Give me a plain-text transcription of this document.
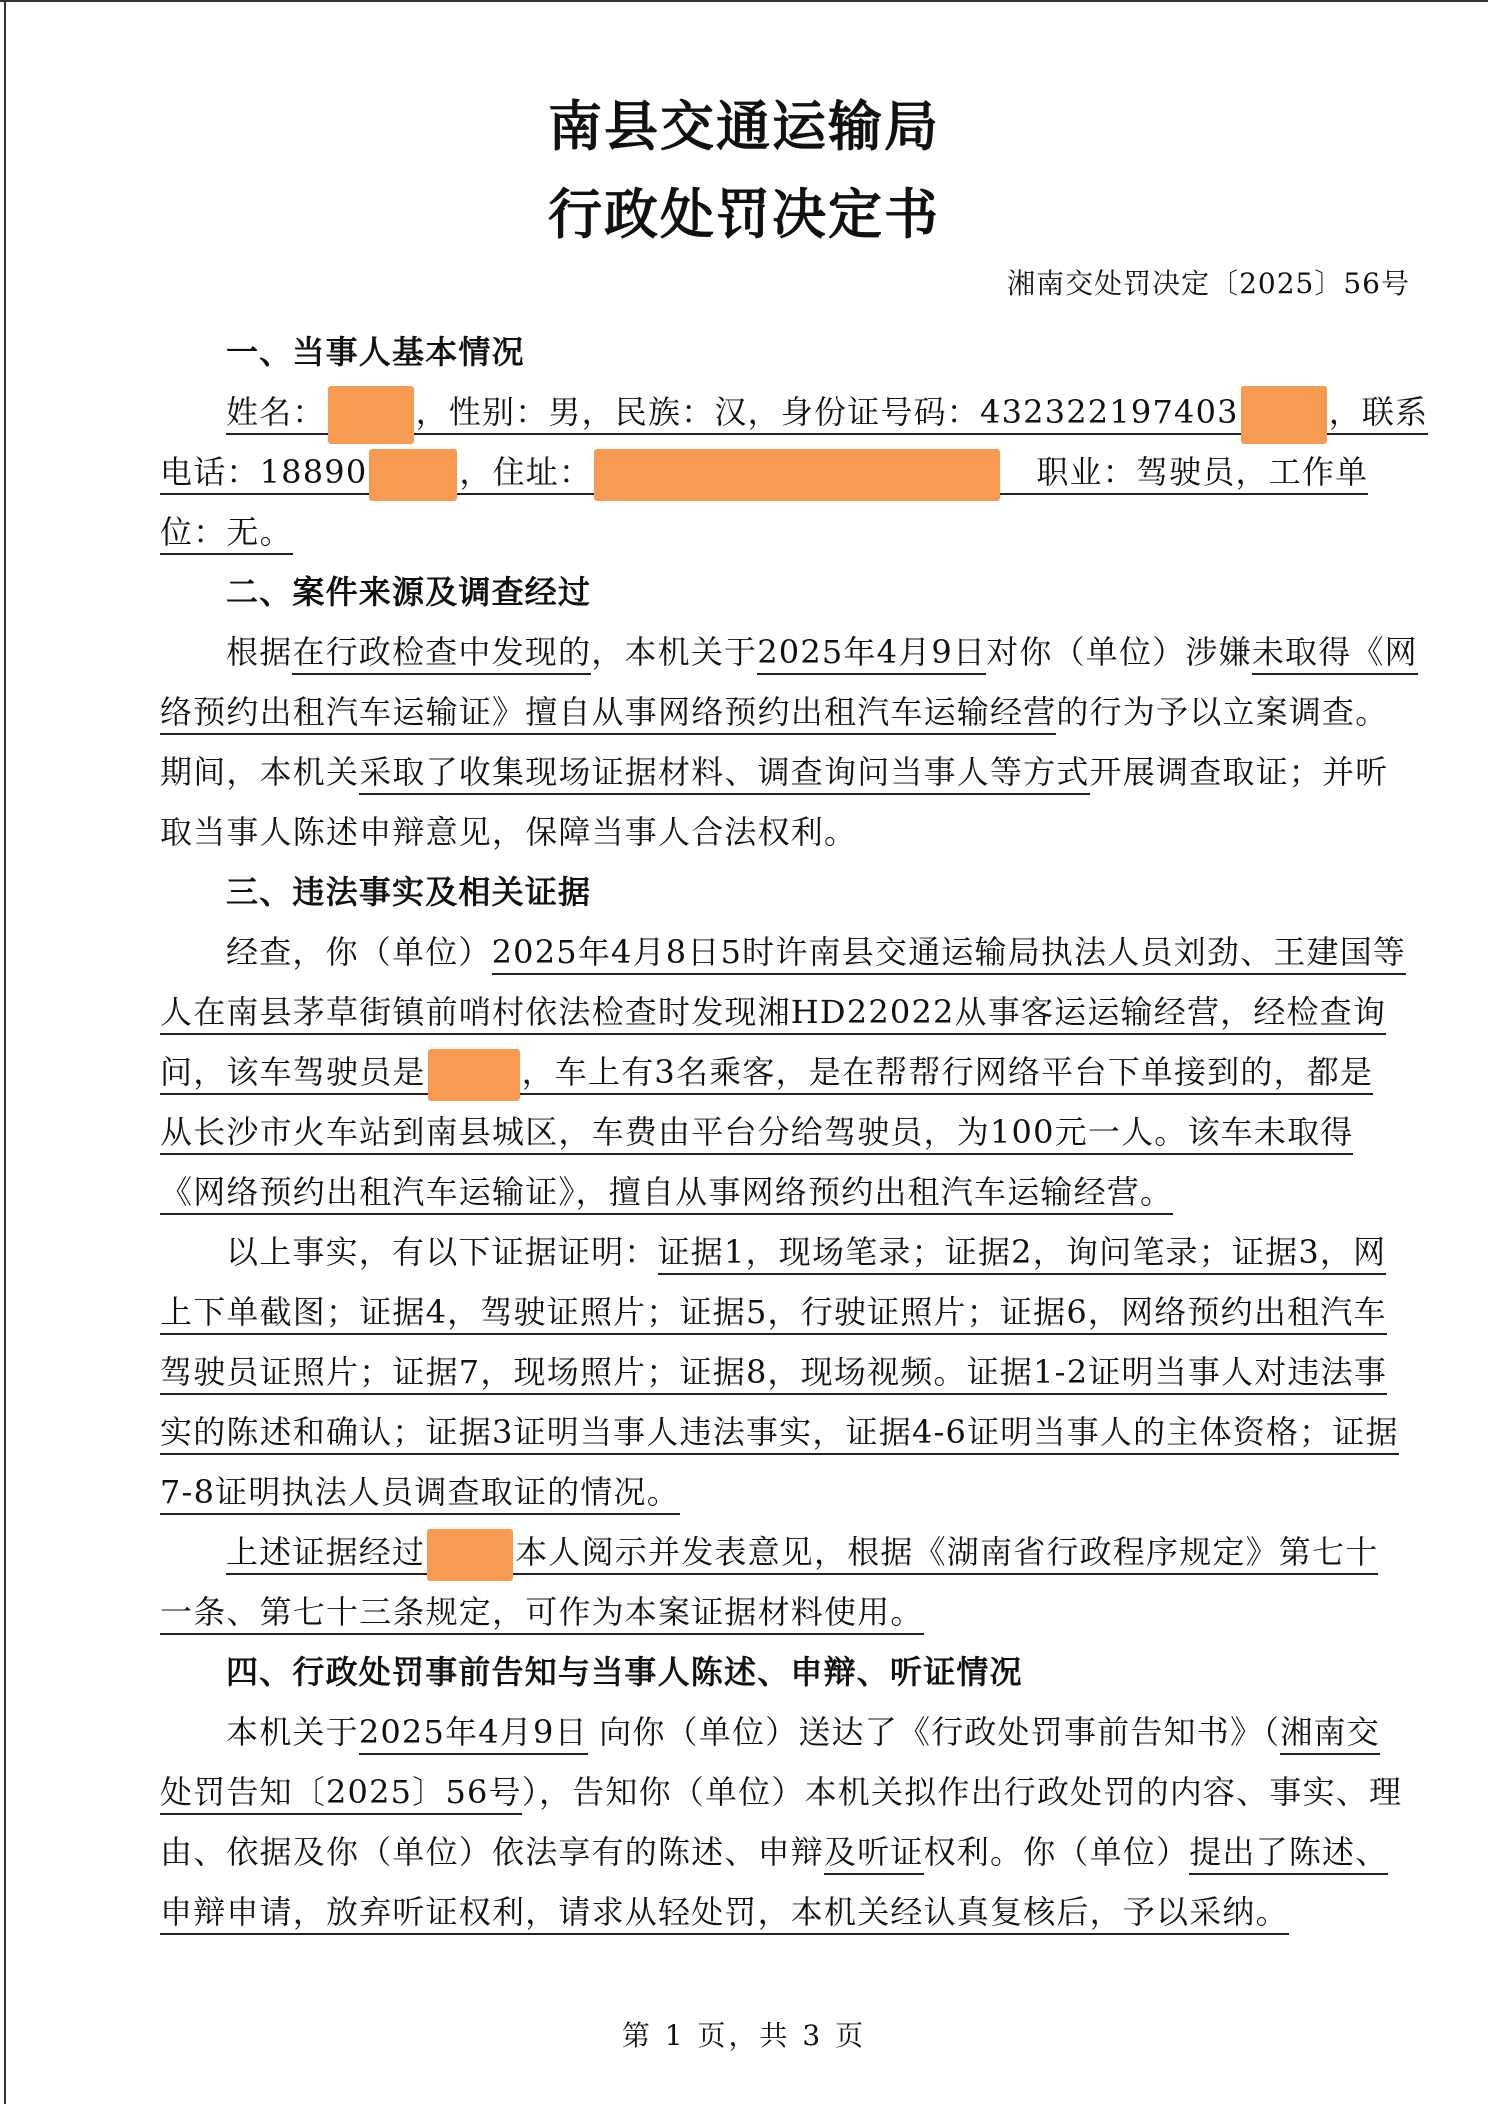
南县交通运输局
行政处罚决定书
湘南交处罚决定〔2025〕56号
一、当事人基本情况
姓名：	，性别：男，民族：汉，身份证号码：432322197403	，联系
电话：18890	，住址：	职业：驾驶员，工作单
位：无。
二、案件来源及调查经过
根据在行政检查中发现的，本机关于2025年4月9日对你（单位）涉嫌未取得《网
络预约出租汽车运输证》擅自从事网络预约出租汽车运输经营的行为予以立案调查。
期间，本机关采取了收集现场证据材料、调查询问当事人等方式开展调查取证；并听
取当事人陈述申辩意见，保障当事人合法权利。
三、违法事实及相关证据
经查，你（单位）2025年4月8日5时许南县交通运输局执法人员刘劲、王建国等
人在南县茅草街镇前哨村依法检查时发现湘HD22022从事客运运输经营，经检查询
问，该车驾驶员是	，车上有3名乘客，是在帮帮行网络平台下单接到的，都是
从长沙市火车站到南县城区，车费由平台分给驾驶员，为100元一人。该车未取得
《网络预约出租汽车运输证》，擅自从事网络预约出租汽车运输经营。
以上事实，有以下证据证明：证据1，现场笔录；证据2，询问笔录；证据3，网
上下单截图；证据4，驾驶证照片；证据5，行驶证照片；证据6，网络预约出租汽车
驾驶员证照片；证据7，现场照片；证据8，现场视频。证据1-2证明当事人对违法事
实的陈述和确认；证据3证明当事人违法事实，证据4-6证明当事人的主体资格；证据
7-8证明执法人员调查取证的情况。
上述证据经过	本人阅示并发表意见，根据《湖南省行政程序规定》第七十
一条、第七十三条规定，可作为本案证据材料使用。
四、行政处罚事前告知与当事人陈述、申辩、听证情况
本机关于2025年4月9日 向你（单位）送达了《行政处罚事前告知书》（湘南交
处罚告知〔2025〕56号），告知你（单位）本机关拟作出行政处罚的内容、事实、理
由、依据及你（单位）依法享有的陈述、申辩及听证权利。你（单位）提出了陈述、
申辩申请，放弃听证权利，请求从轻处罚，本机关经认真复核后，予以采纳。
第 1 页，共 3 页
